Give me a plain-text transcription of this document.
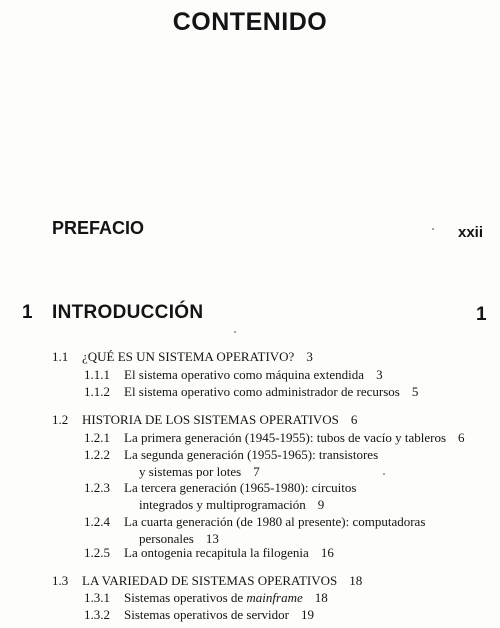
CONTENIDO
PREFACIO	xxii
1 INTRODUCCIÓN	1
1.1 ¿QUÉ ES UN SISTEMA OPERATIVO? 3
1.1.1 El sistema operativo como máquina extendida 3
1.1.2 El sistema operativo como administrador de recursos 5
1.2 HISTORIA DE LOS SISTEMAS OPERATIVOS 6
1.2.1 La primera generación (1945-1955): tubos de vacío y tableros 6
1.2.2 La segunda generación (1955-1965): transistores
y sistemas por lotes 7
1.2.3 La tercera generación (1965-1980): circuitos
integrados y multiprogramación 9
1.2.4 La cuarta generación (de 1980 al presente): computadoras
personales 13
1.2.5 La ontogenia recapitula la filogenia 16
1.3 LA VARIEDAD DE SISTEMAS OPERATIVOS 18
1.3.1 Sistemas operativos de mainframe 18
1.3.2 Sistemas operativos de servidor 19
